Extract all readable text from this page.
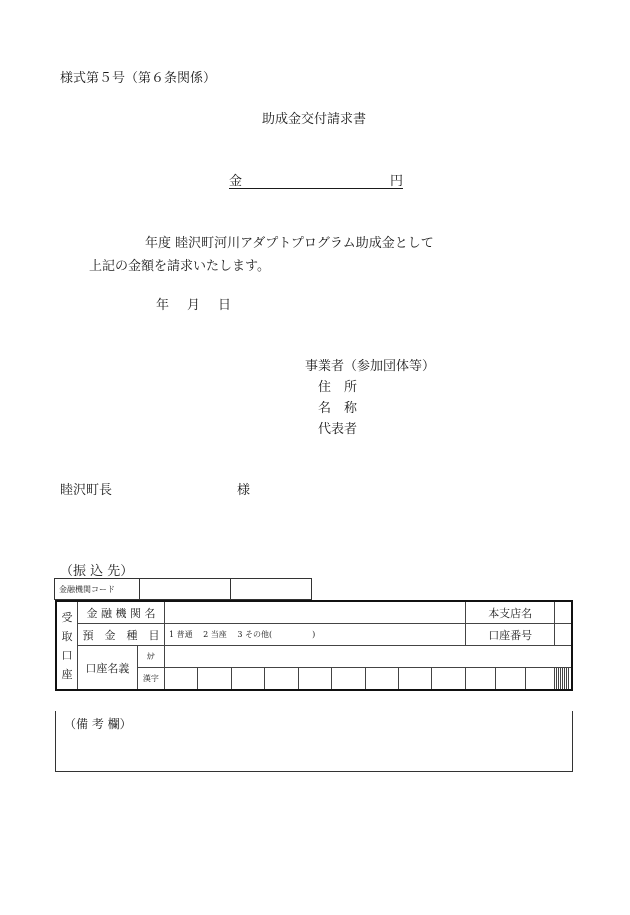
様式第５号（第６条関係）
助成金交付請求書
金	円
年度 睦沢町河川アダプトプログラム助成金として
上記の金額を請求いたします。
年 月 日
事業者（参加団体等）
住　所
名　称
代表者
睦沢町長	様
（振 込 先）
金融機関コード		
受
取
口
座	金 融 機 関 名											本支店名										
	預　金　種　目		1 普通　 2 当座　 3 その他(　　　　　)									口座番号										
	口座名義	ｶﾅ																				
		漢字																				
（備 考 欄）
